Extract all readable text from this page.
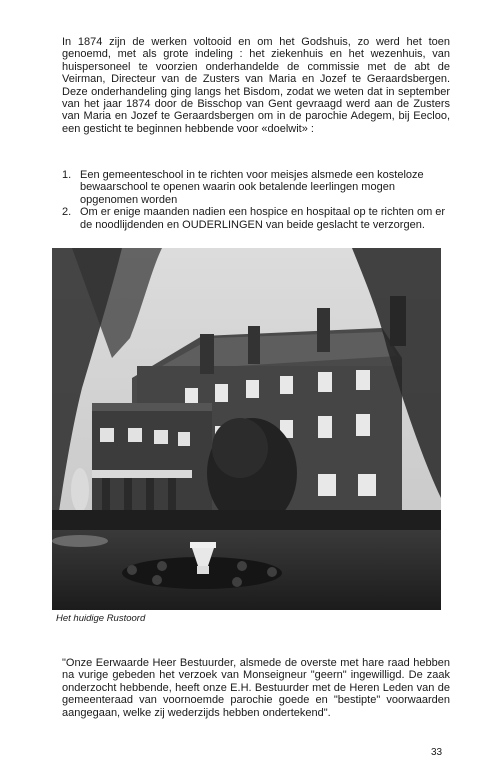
In 1874 zijn de werken voltooid en om het Godshuis, zo werd het toen genoemd, met als grote indeling : het ziekenhuis en het wezenhuis, van huispersoneel te voorzien onderhandelde de commissie met de abt de Veirman, Directeur van de Zusters van Maria en Jozef te Geraardsbergen. Deze onderhandeling ging langs het Bisdom, zodat we weten dat in september van het jaar 1874 door de Bisschop van Gent gevraagd werd aan de Zusters van Maria en Jozef te Geraardsbergen om in de parochie Adegem, bij Eecloo, een gesticht te beginnen hebbende voor «doelwit» :

1. Een gemeenteschool in te richten voor meisjes alsmede een kosteloze bewaarschool te openen waarin ook betalende leerlingen mogen opgenomen worden
2. Om er enige maanden nadien een hospice en hospitaal op te richten om er de noodlijdenden en OUDERLINGEN van beide geslacht te verzorgen.

Het huidige Rustoord

"Onze Eerwaarde Heer Bestuurder, alsmede de overste met hare raad hebben na vurige gebeden het verzoek van Monseigneur "geern" ingewilligd. De zaak onderzocht hebbende, heeft onze E.H. Bestuurder met de Heren Leden van de gemeenteraad van voornoemde parochie goede en "bestipte" voorwaarden aangegaan, welke zij wederzijds hebben ondertekend".

33
